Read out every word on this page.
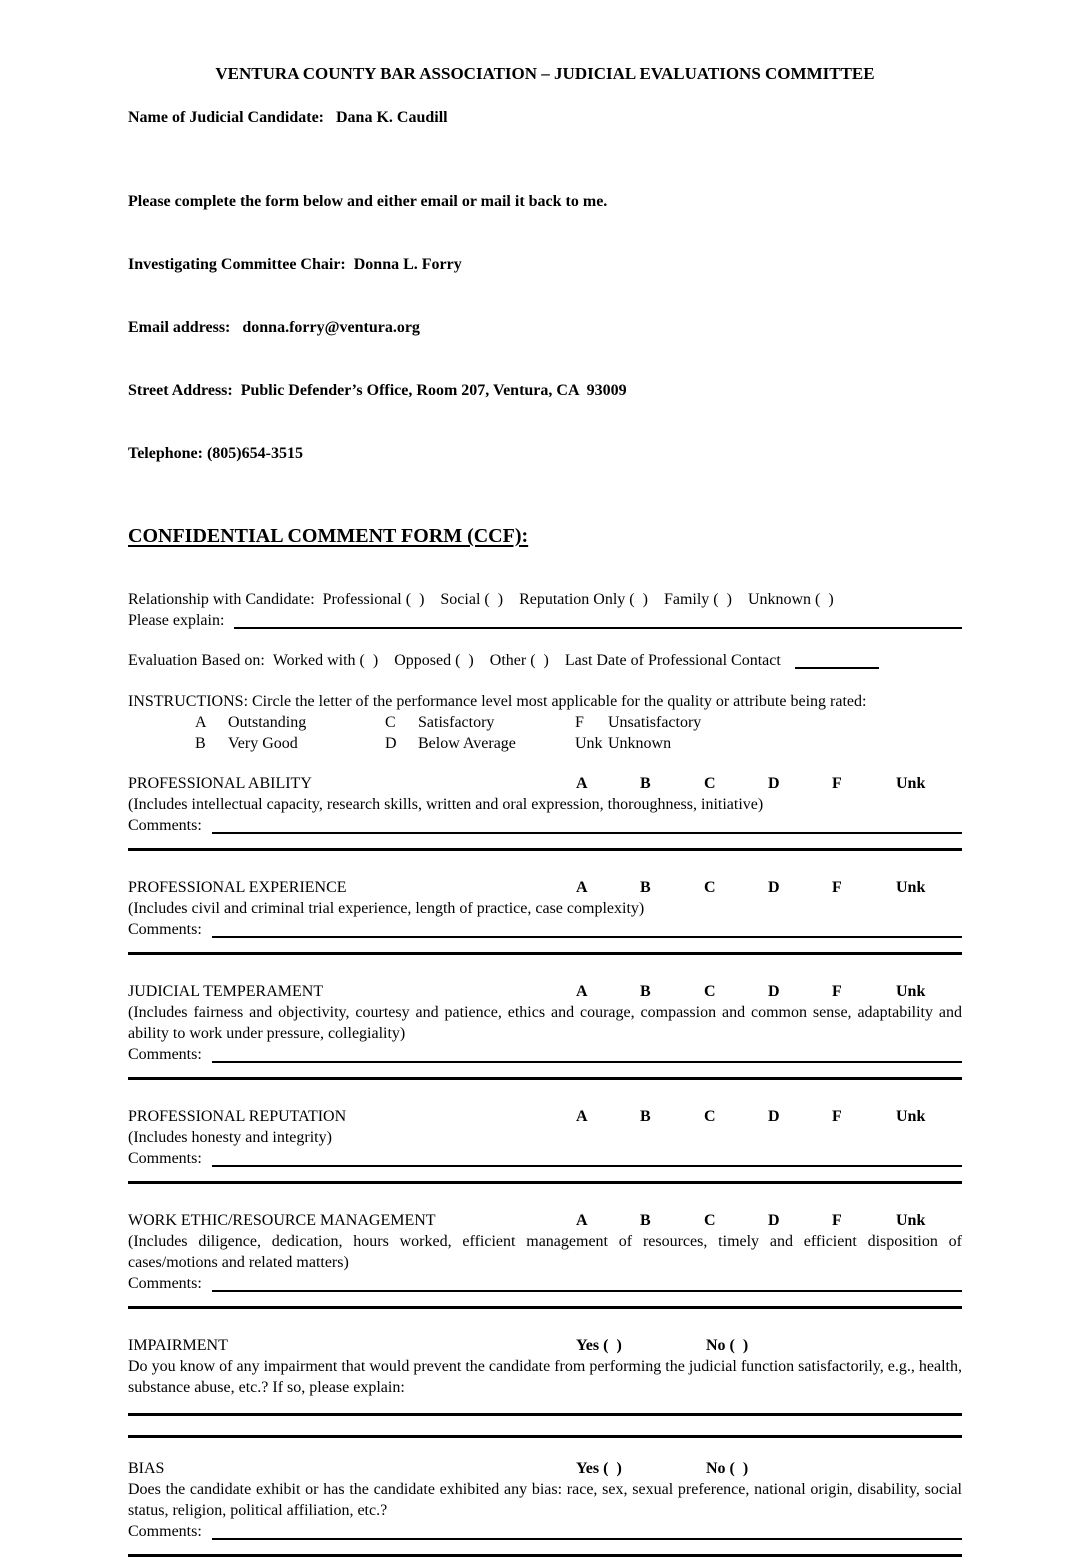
VENTURA COUNTY BAR ASSOCIATION – JUDICIAL EVALUATIONS COMMITTEE
Name of Judicial Candidate: Dana K. Caudill

Please complete the form below and either email or mail it back to me.

Investigating Committee Chair:  Donna L. Forry

Email address:   donna.forry@ventura.org

Street Address:  Public Defender’s Office, Room 207, Ventura, CA  93009

Telephone: (805)654-3515

CONFIDENTIAL COMMENT FORM (CCF):
Relationship with Candidate: Professional (  ) Social (  ) Reputation Only (  ) Family (  ) Unknown (  )
Please explain:
Evaluation Based on: Worked with (  ) Opposed (  ) Other (  ) Last Date of Professional Contact
INSTRUCTIONS: Circle the letter of the performance level most applicable for the quality or attribute being rated:
A Outstanding	C Satisfactory	F Unsatisfactory
B Very Good	D Below Average	Unk Unknown
PROFESSIONAL ABILITY	A	B	C	D	F	Unk
(Includes intellectual capacity, research skills, written and oral expression, thoroughness, initiative)
Comments:
PROFESSIONAL EXPERIENCE	A	B	C	D	F	Unk
(Includes civil and criminal trial experience, length of practice, case complexity)
Comments:
JUDICIAL TEMPERAMENT	A	B	C	D	F	Unk
(Includes fairness and objectivity, courtesy and patience, ethics and courage, compassion and common sense, adaptability and ability to work under pressure, collegiality)
Comments:
PROFESSIONAL REPUTATION	A	B	C	D	F	Unk
(Includes honesty and integrity)
Comments:
WORK ETHIC/RESOURCE MANAGEMENT	A	B	C	D	F	Unk
(Includes diligence, dedication, hours worked, efficient management of resources, timely and efficient disposition of cases/motions and related matters)
Comments:
IMPAIRMENT	Yes (  )	No (  )
Do you know of any impairment that would prevent the candidate from performing the judicial function satisfactorily, e.g., health, substance abuse, etc.? If so, please explain:
BIAS	Yes (  )	No (  )
Does the candidate exhibit or has the candidate exhibited any bias: race, sex, sexual preference, national origin, disability, social status, religion, political affiliation, etc.?
Comments:
